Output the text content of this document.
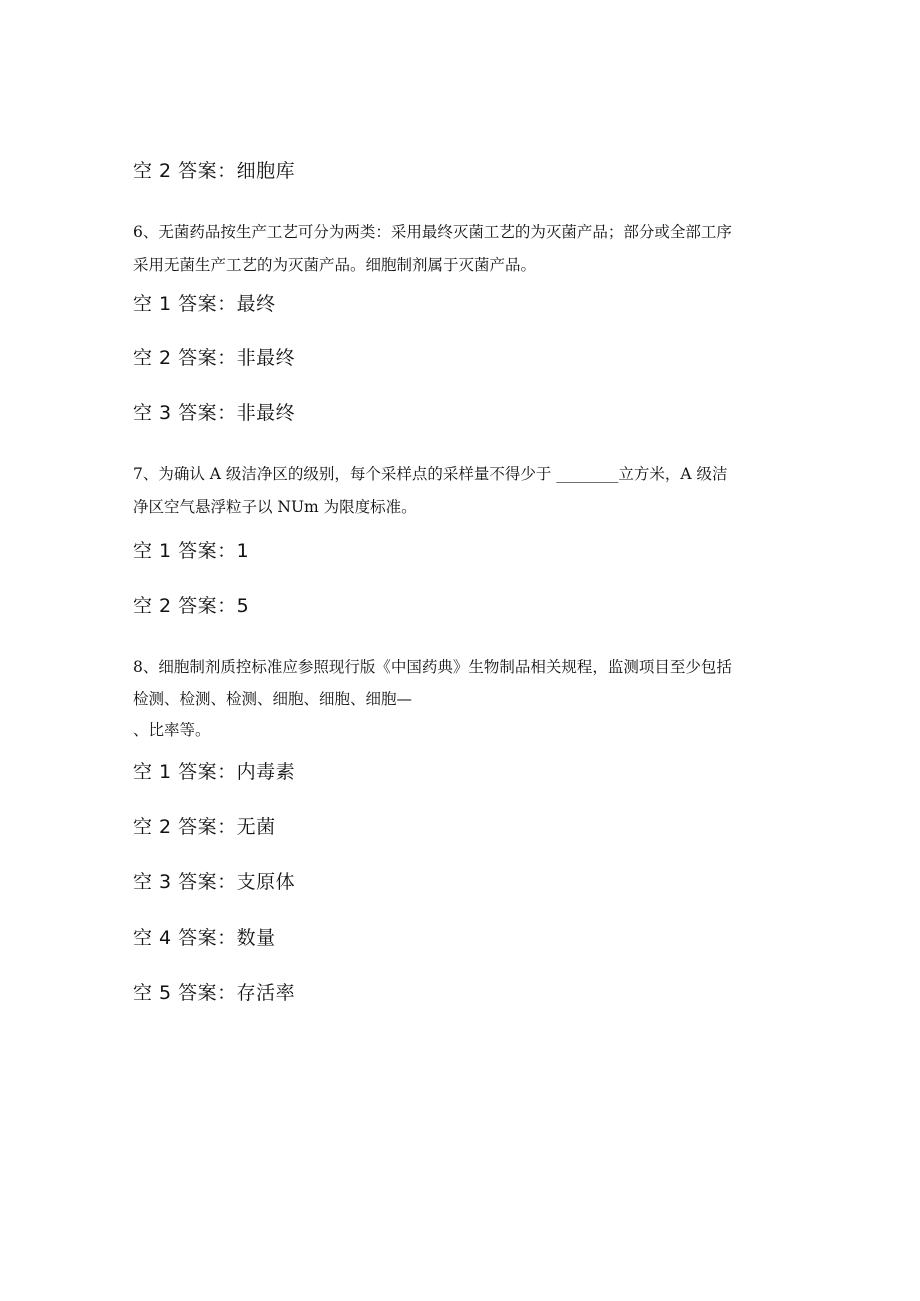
空 2 答案：细胞库
6、无菌药品按生产工艺可分为两类：采用最终灭菌工艺的为灭菌产品；部分或全部工序
采用无菌生产工艺的为灭菌产品。细胞制剂属于灭菌产品。
空 1 答案：最终
空 2 答案：非最终
空 3 答案：非最终
7、为确认 A 级洁净区的级别，每个采样点的采样量不得少于 ________立方米，A 级洁
净区空气悬浮粒子以 NUm 为限度标准。
空 1 答案：1
空 2 答案：5
8、细胞制剂质控标准应参照现行版《中国药典》生物制品相关规程，监测项目至少包括
检测、检测、检测、细胞、细胞、细胞—
、比率等。
空 1 答案：内毒素
空 2 答案：无菌
空 3 答案：支原体
空 4 答案：数量
空 5 答案：存活率
